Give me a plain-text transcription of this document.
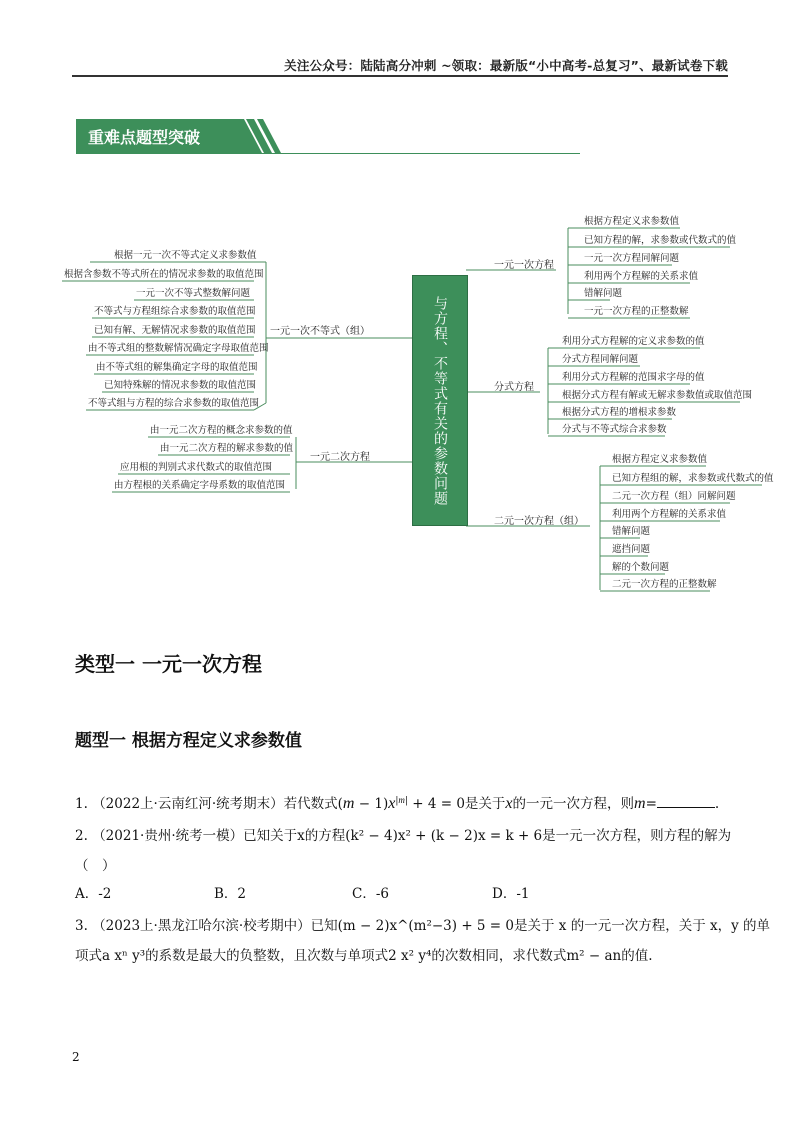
关注公众号：陆陆高分冲刺 ~领取：最新版“小中高考-总复习”、最新试卷下载
重难点题型突破
与方程、不等式有关的参数问题
一元一次不等式（组）
根据一元一次不等式定义求参数值
根据含参数不等式所在的情况求参数的取值范围
一元一次不等式整数解问题
不等式与方程组综合求参数的取值范围
已知有解、无解情况求参数的取值范围
由不等式组的整数解情况确定字母取值范围
由不等式组的解集确定字母的取值范围
已知特殊解的情况求参数的取值范围
不等式组与方程的综合求参数的取值范围
一元二次方程
由一元二次方程的概念求参数的值
由一元二次方程的解求参数的值
应用根的判别式求代数式的取值范围
由方程根的关系确定字母系数的取值范围
一元一次方程
根据方程定义求参数值
已知方程的解，求参数或代数式的值
一元一次方程同解问题
利用两个方程解的关系求值
错解问题
一元一次方程的正整数解
分式方程
利用分式方程解的定义求参数的值
分式方程同解问题
利用分式方程解的范围求字母的值
根据分式方程有解或无解求参数值或取值范围
根据分式方程的增根求参数
分式与不等式综合求参数
二元一次方程（组）
根据方程定义求参数值
已知方程组的解，求参数或代数式的值
二元一次方程（组）同解问题
利用两个方程解的关系求值
错解问题
遮挡问题
解的个数问题
二元一次方程的正整数解
类型一 一元一次方程
题型一 根据方程定义求参数值
1. （2022上·云南红河·统考期末）若代数式$(m - 1)x^{|m|} + 4 = 0$是关于x的一元一次方程，则m=	.
2. （2021·贵州·统考一模）已知关于x的方程(k² − 4)x² + (k − 2)x = k + 6是一元一次方程，则方程的解为
（　）
A．-2	B．2	C．-6	D．-1
3. （2023上·黑龙江哈尔滨·校考期中）已知(m − 2)x^(m²−3) + 5 = 0是关于 x 的一元一次方程，关于 x，y 的单
项式a xⁿ y³的系数是最大的负整数，且次数与单项式2 x² y⁴的次数相同，求代数式m² − an的值.
2
